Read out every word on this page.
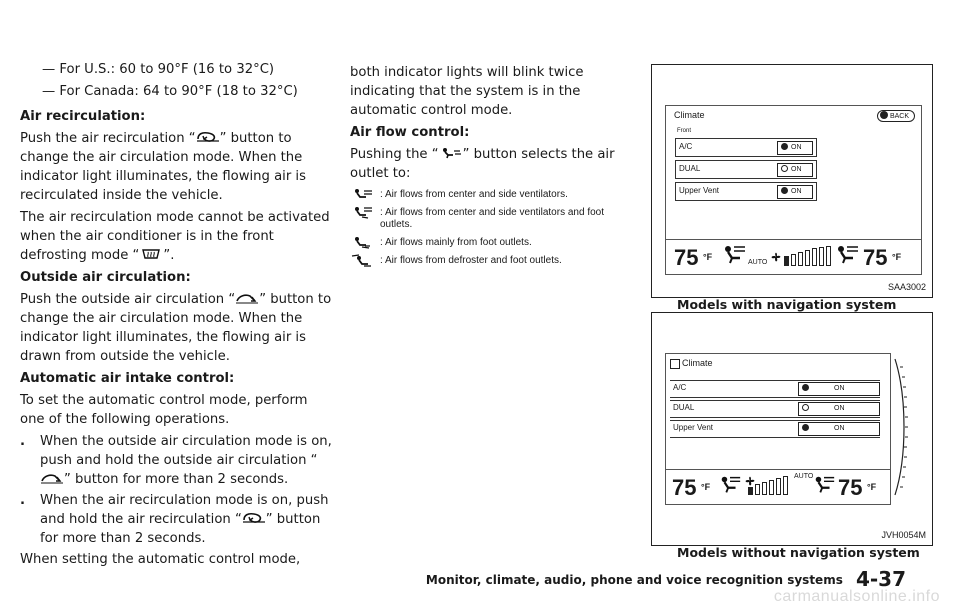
— For U.S.: 60 to 90°F (16 to 32°C)

— For Canada: 64 to 90°F (18 to 32°C)

Air recirculation:

Push the air recirculation “ ” button to change the air circulation mode. When the indicator light illuminates, the flowing air is recirculated inside the vehicle.

The air recirculation mode cannot be activated when the air conditioner is in the front defrosting mode “ ”.

Outside air circulation:

Push the outside air circulation “ ” button to change the air circulation mode. When the indicator light illuminates, the flowing air is drawn from outside the vehicle.

Automatic air intake control:

To set the automatic control mode, perform one of the following operations.

. When the outside air circulation mode is on, push and hold the outside air circulation “
” button for more than 2 seconds.

. When the air recirculation mode is on, push and hold the air recirculation “ ” button for more than 2 seconds.

When setting the automatic control mode,

both indicator lights will blink twice indicating that the system is in the automatic control mode.

Air flow control:

Pushing the “ ” button selects the air outlet to:

: Air flows from center and side ventilators.
: Air flows from center and side ventilators and foot outlets.
: Air flows mainly from foot outlets.
: Air flows from defroster and foot outlets.
Climate	BACK
Front
A/C	ON
DUAL	ON
Upper Vent	ON
75 °F
AUTO	75 °F
SAA3002
Models with navigation system
Climate
A/C	ON
DUAL	ON
Upper Vent	ON
75 °F
AUTO 75 °F
JVH0054M
Models without navigation system
Monitor, climate, audio, phone and voice recognition systems 4-37
carmanualsonline.info
